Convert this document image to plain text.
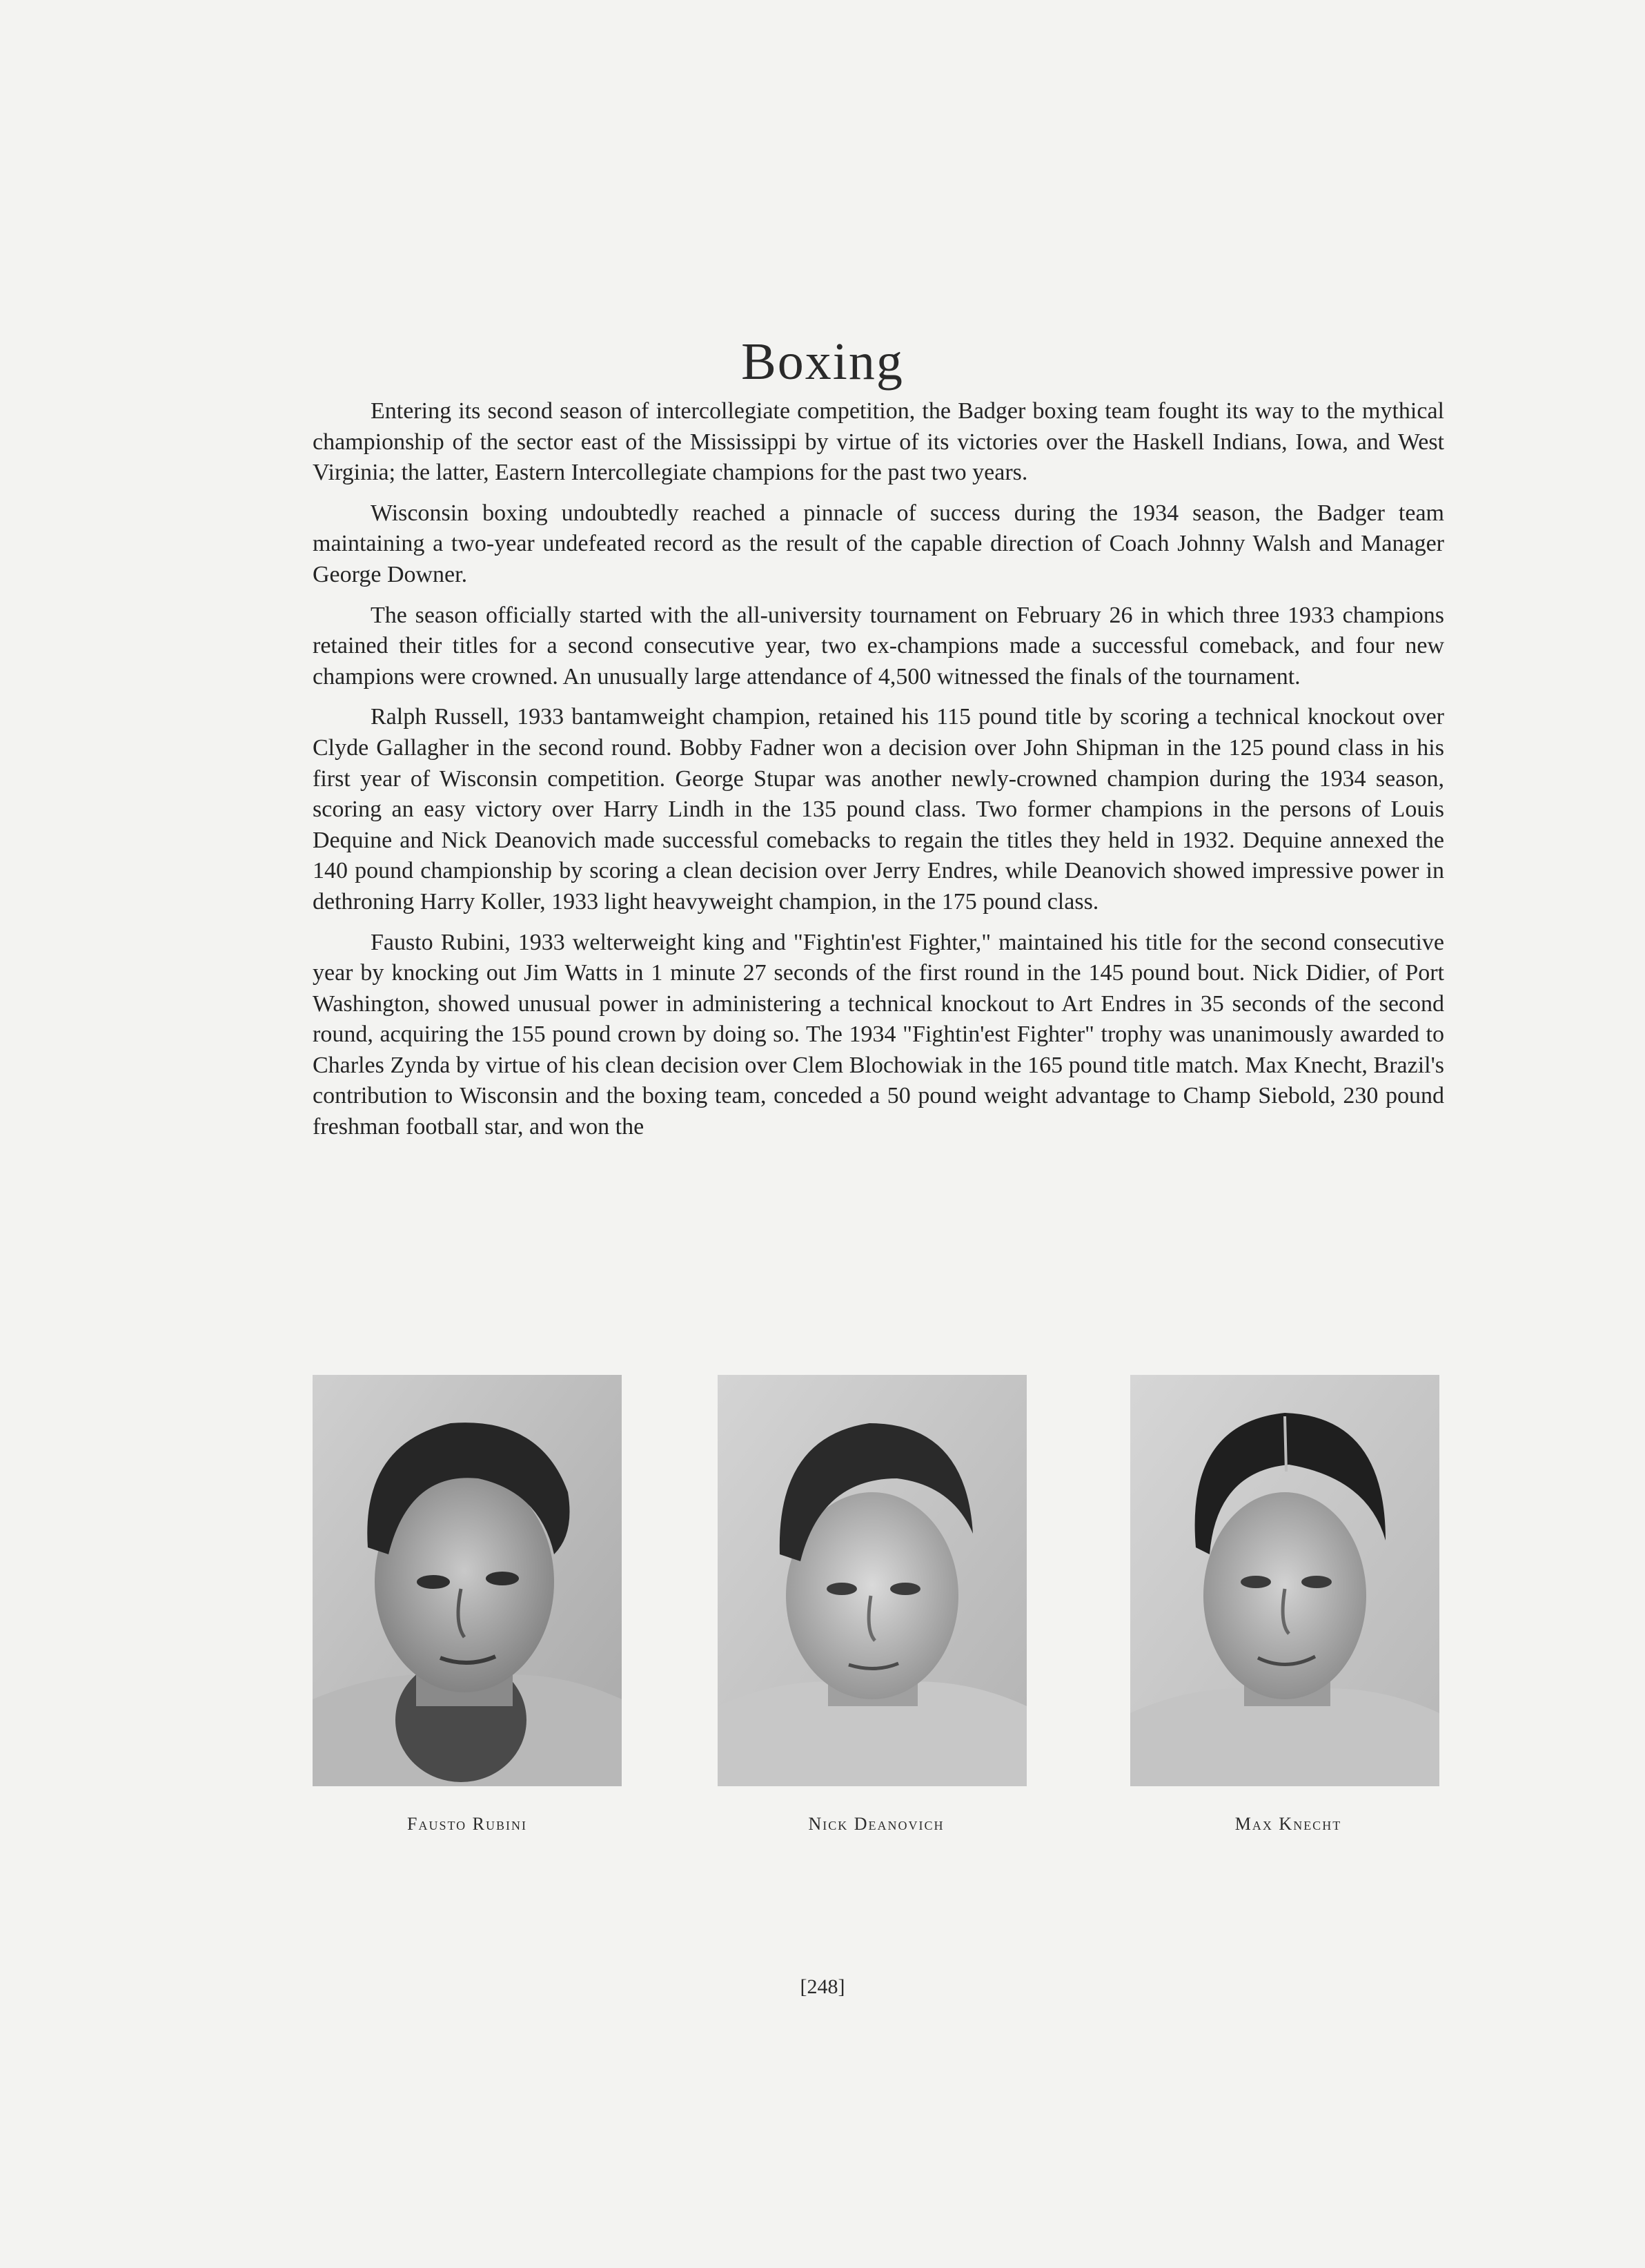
Boxing

Entering its second season of intercollegiate competition, the Badger boxing team fought its way to the mythical championship of the sector east of the Mississippi by virtue of its victories over the Haskell Indians, Iowa, and West Virginia; the latter, Eastern Intercollegiate champions for the past two years.

Wisconsin boxing undoubtedly reached a pinnacle of success during the 1934 season, the Badger team maintaining a two-year undefeated record as the result of the capable direction of Coach Johnny Walsh and Manager George Downer.

The season officially started with the all-university tournament on February 26 in which three 1933 champions retained their titles for a second consecutive year, two ex-champions made a successful comeback, and four new champions were crowned. An unusually large attendance of 4,500 witnessed the finals of the tournament.

Ralph Russell, 1933 bantamweight champion, retained his 115 pound title by scoring a technical knockout over Clyde Gallagher in the second round. Bobby Fadner won a decision over John Shipman in the 125 pound class in his first year of Wisconsin competition. George Stupar was another newly-crowned champion during the 1934 season, scoring an easy victory over Harry Lindh in the 135 pound class. Two former champions in the persons of Louis Dequine and Nick Deanovich made successful comebacks to regain the titles they held in 1932. Dequine annexed the 140 pound championship by scoring a clean decision over Jerry Endres, while Deanovich showed impressive power in dethroning Harry Koller, 1933 light heavyweight champion, in the 175 pound class.

Fausto Rubini, 1933 welterweight king and "Fightin'est Fighter," maintained his title for the second consecutive year by knocking out Jim Watts in 1 minute 27 seconds of the first round in the 145 pound bout. Nick Didier, of Port Washington, showed unusual power in administering a technical knockout to Art Endres in 35 seconds of the second round, acquiring the 155 pound crown by doing so. The 1934 "Fightin'est Fighter" trophy was unanimously awarded to Charles Zynda by virtue of his clean decision over Clem Blochowiak in the 165 pound title match. Max Knecht, Brazil's contribution to Wisconsin and the boxing team, conceded a 50 pound weight advantage to Champ Siebold, 230 pound freshman football star, and won the

Fausto Rubini	Nick Deanovich	Max Knecht
[248]
